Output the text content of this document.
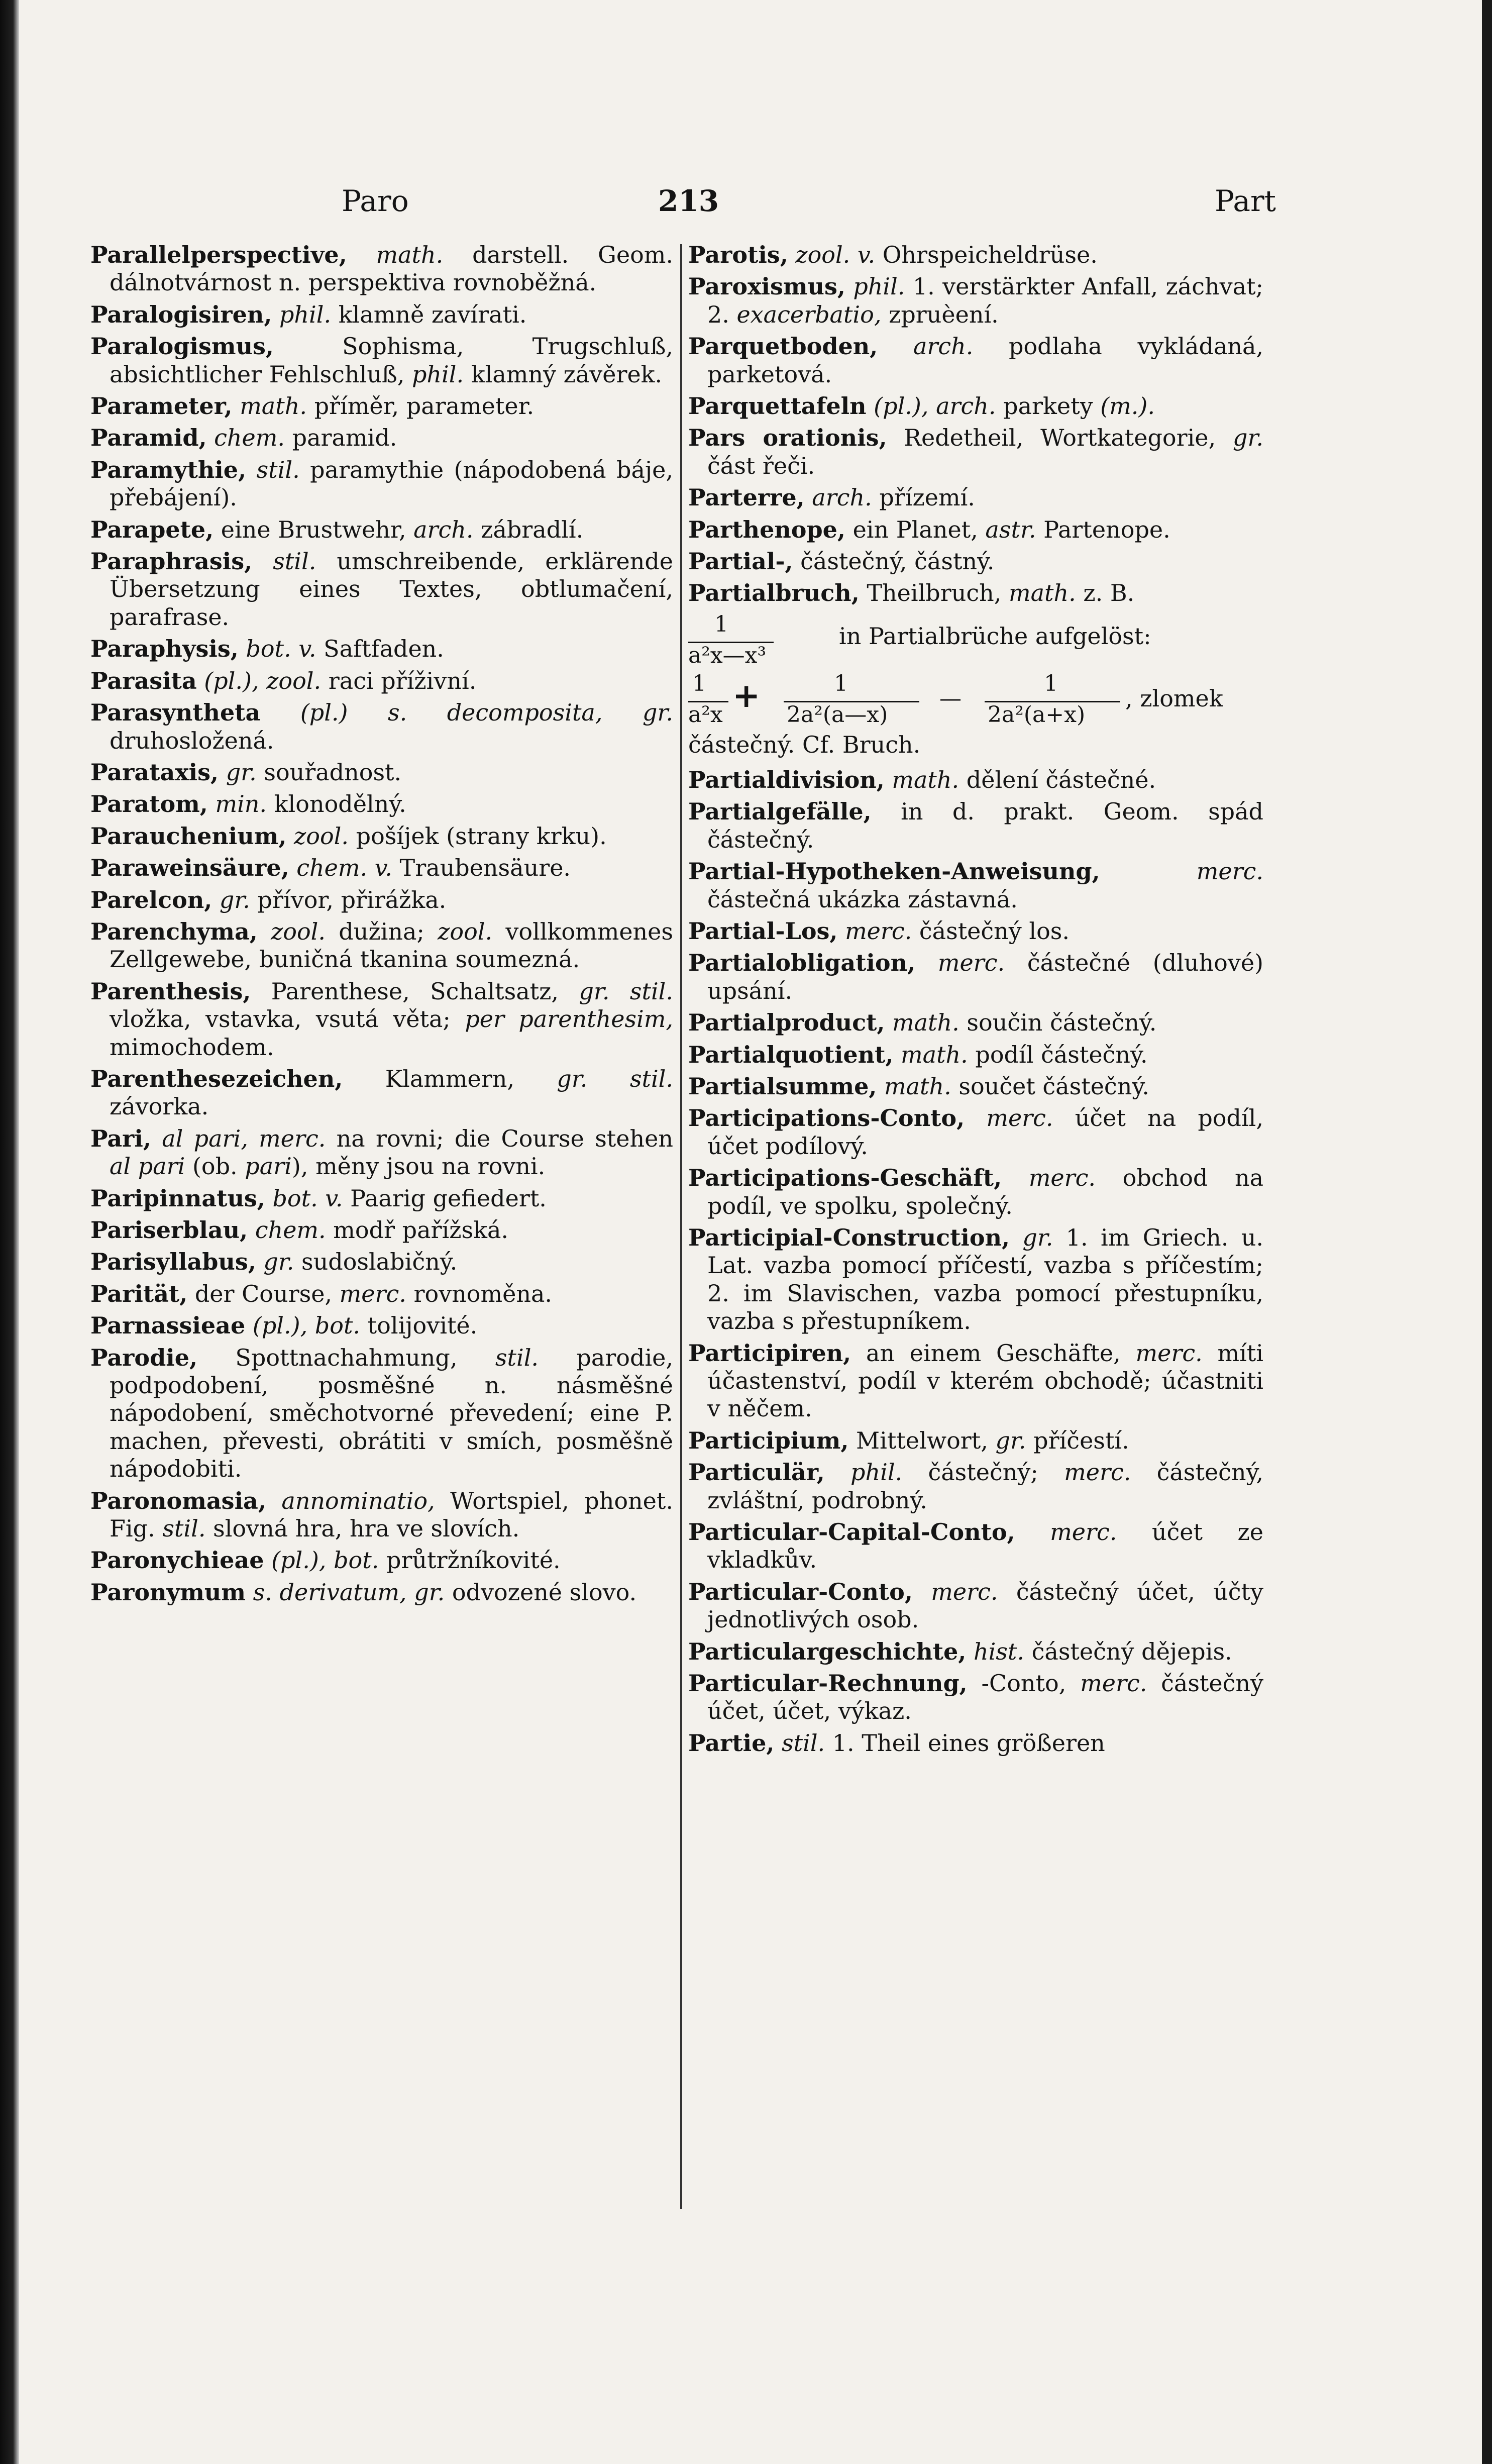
Paro	213	Part

Parallelperspective, math. darstell. Geom. dálnotvárnost n. perspektiva rovnoběžná.

Paralogisiren, phil. klamně zavírati.

Paralogismus,	Sophisma, Trugschluß, absichtlicher Fehlschluß, phil. klamný závěrek.

Parameter, math. příměr, parameter.

Paramid, chem. paramid.

Paramythie, stil. paramythie (nápodobená báje, přebájení).

Parapete, eine Brustwehr, arch. zábradlí.

Paraphrasis, stil. umschreibende, erklärende Übersetzung eines Textes, obtlumačení, parafrase.

Paraphysis, bot. v. Saftfaden.

Parasita (pl.), zool. raci příživní.

Parasyntheta (pl.) s. decomposita, gr. druhosložená.

Parataxis, gr. souřadnost.

Paratom, min. klonodělný.

Parauchenium, zool. pošíjek (strany krku).

Paraweinsäure, chem. v. Traubensäure.

Parelcon, gr. přívor, přirážka.

Parenchyma, zool. dužina; zool. vollkommenes Zellgewebe, buničná tkanina soumezná.

Parenthesis, Parenthese, Schaltsatz, gr. stil. vložka, vstavka, vsutá věta; per parenthesim, mimochodem.

Parenthesezeichen, Klammern, gr. stil. závorka.

Pari, al pari, merc. na rovni; die Course stehen al pari (ob. pari), měny jsou na rovni.

Paripinnatus, bot. v. Paarig gefiedert.

Pariserblau, chem. modř pařížská.

Parisyllabus, gr. sudoslabičný.

Parität, der Course, merc. rovnoměna.

Parnassieae (pl.), bot. tolijovité.

Parodie, Spottnachahmung, stil. parodie, podpodobení, posměšné n. násměšné nápodobení, směchotvorné převedení; eine P. machen, převesti, obrátiti v smích, posměšně nápodobiti.

Paronomasia, annominatio, Wortspiel, phonet. Fig. stil. slovná hra, hra ve slovích.

Paronychieae (pl.), bot. průtržníkovité.

Paronymum s. derivatum, gr. odvozené slovo.

Parotis, zool. v. Ohrspeicheldrüse.

Paroxismus, phil. 1. verstärkter Anfall, záchvat; 2. exacerbatio, zpruèení.

Parquetboden, arch. podlaha vykládaná, parketová.

Parquettafeln (pl.), arch. parkety (m.).

Pars orationis, Redetheil, Wortkategorie, gr. část řeči.

Parterre, arch. přízemí.

Parthenope, ein Planet, astr. Partenope.

Partial-, částečný, částný.

Partialbruch, Theilbruch, math. z. B.

1
a²x—x³
in Partialbrüche aufgelöst:
1
a²x +	1
2a²(a—x)
—
1
2a²(a+x)
, zlomek
částečný. Cf. Bruch.

Partialdivision, math. dělení částečné.

Partialgefälle, in d. prakt. Geom. spád částečný.

Partial-Hypotheken-Anweisung,	merc. částečná ukázka zástavná.

Partial-Los, merc. částečný los.

Partialobligation, merc. částečné (dluhové) upsání.

Partialproduct, math. součin částečný.

Partialquotient, math. podíl částečný.

Partialsumme, math. součet částečný.

Participations-Conto, merc. účet na podíl, účet podílový.

Participations-Geschäft, merc. obchod na podíl, ve spolku, společný.

Participial-Construction, gr. 1. im Griech. u. Lat. vazba pomocí příčestí, vazba s příčestím; 2. im Slavischen, vazba pomocí přestupníku, vazba s přestupníkem.

Participiren, an einem Geschäfte, merc. míti účastenství, podíl v kterém obchodě; účastniti v něčem.

Participium, Mittelwort, gr. příčestí.

Particulär, phil. částečný; merc. částečný, zvláštní, podrobný.

Particular-Capital-Conto, merc. účet ze vkladkův.

Particular-Conto, merc. částečný účet, účty jednotlivých osob.

Particulargeschichte, hist. částečný dějepis.

Particular-Rechnung, -Conto, merc. částečný účet, účet, výkaz.

Partie, stil. 1. Theil eines größeren
